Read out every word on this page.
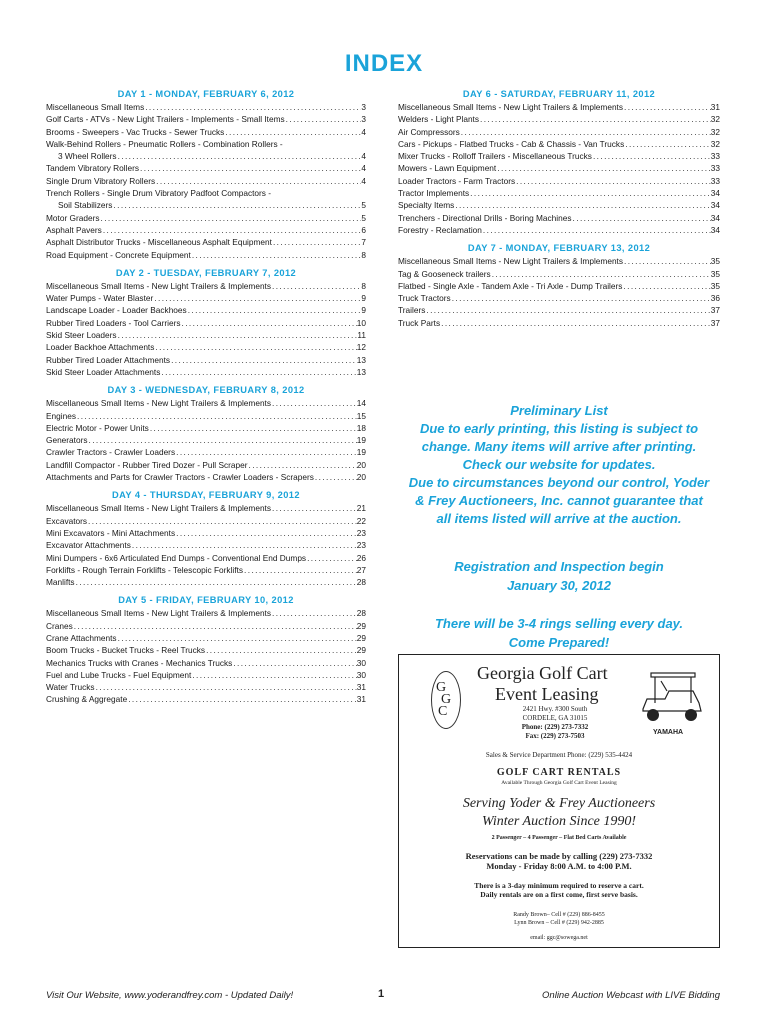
INDEX
DAY 1 - MONDAY, FEBRUARY 6, 2012
Miscellaneous Small Items .....	3
Golf Carts - ATVs - New Light Trailers - Implements - Small Items .....	3
Brooms - Sweepers - Vac Trucks - Sewer Trucks .....	4
Walk-Behind Rollers - Pneumatic Rollers - Combination Rollers -
3 Wheel Rollers .....	4
Tandem Vibratory Rollers .....	4
Single Drum Vibratory Rollers .....	4
Trench Rollers - Single Drum Vibratory Padfoot Compactors -
Soil Stabilizers .....	5
Motor Graders .....	5
Asphalt Pavers .....	6
Asphalt Distributor Trucks - Miscellaneous Asphalt Equipment .....	7
Road Equipment - Concrete Equipment .....	8
DAY 2 - TUESDAY, FEBRUARY 7, 2012
Miscellaneous Small Items - New Light Trailers & Implements .....	8
Water Pumps - Water Blaster .....	9
Landscape Loader - Loader Backhoes .....	9
Rubber Tired Loaders - Tool Carriers .....	10
Skid Steer Loaders .....	11
Loader Backhoe Attachments .....	12
Rubber Tired Loader Attachments .....	13
Skid Steer Loader Attachments .....	13
DAY 3 - WEDNESDAY, FEBRUARY 8, 2012
Miscellaneous Small Items - New Light Trailers & Implements .....	14
Engines .....	15
Electric Motor - Power Units .....	18
Generators .....	19
Crawler Tractors - Crawler Loaders .....	19
Landfill Compactor - Rubber Tired Dozer - Pull Scraper .....	20
Attachments and Parts for Crawler Tractors - Crawler Loaders - Scrapers .....	20
DAY 4 - THURSDAY, FEBRUARY 9, 2012
Miscellaneous Small Items - New Light Trailers & Implements .....	21
Excavators .....	22
Mini Excavators - Mini Attachments .....	23
Excavator Attachments .....	23
Mini Dumpers - 6x6 Articulated End Dumps - Conventional End Dumps .....	26
Forklifts - Rough Terrain Forklifts - Telescopic Forklifts .....	27
Manlifts .....	28
DAY 5 - FRIDAY, FEBRUARY 10, 2012
Miscellaneous Small Items - New Light Trailers & Implements .....	28
Cranes .....	29
Crane Attachments .....	29
Boom Trucks - Bucket Trucks - Reel Trucks .....	29
Mechanics Trucks with Cranes - Mechanics Trucks .....	30
Fuel and Lube Trucks - Fuel Equipment .....	30
Water Trucks .....	31
Crushing & Aggregate .....	31
DAY 6 - SATURDAY, FEBRUARY 11, 2012
Miscellaneous Small Items - New Light Trailers & Implements .....	31
Welders - Light Plants .....	32
Air Compressors .....	32
Cars - Pickups - Flatbed Trucks - Cab & Chassis - Van Trucks .....	32
Mixer Trucks - Rolloff Trailers - Miscellaneous Trucks .....	33
Mowers - Lawn Equipment .....	33
Loader Tractors - Farm Tractors .....	33
Tractor Implements .....	34
Specialty Items .....	34
Trenchers - Directional Drills - Boring Machines .....	34
Forestry - Reclamation .....	34
DAY 7 - MONDAY, FEBRUARY 13, 2012
Miscellaneous Small Items - New Light Trailers & Implements .....	35
Tag & Gooseneck trailers .....	35
Flatbed - Single Axle - Tandem Axle - Tri Axle - Dump Trailers .....	35
Truck Tractors .....	36
Trailers .....	37
Truck Parts .....	37
Preliminary List
Due to early printing, this listing is subject to
change. Many items will arrive after printing.
Check our website for updates.
Due to circumstances beyond our control, Yoder
& Frey Auctioneers, Inc. cannot guarantee that
all items listed will arrive at the auction.
Registration and Inspection begin
January 30, 2012
There will be 3-4 rings selling every day.
Come Prepared!
G
G
C
Georgia Golf Cart
Event Leasing
2421 Hwy. #300 South
CORDELE, GA 31015
Phone: (229) 273-7332
Fax: (229) 273-7503	YAMAHA
Sales & Service Department Phone: (229) 535-4424
GOLF CART RENTALS
Available Through Georgia Golf Cart Event Leasing
Serving Yoder & Frey Auctioneers
Winter Auction Since 1990!
2 Passenger – 4 Passenger – Flat Bed Carts Available
Reservations can be made by calling (229) 273-7332
Monday - Friday 8:00 A.M. to 4:00 P.M.
There is a 3-day minimum required to reserve a cart.
Daily rentals are on a first come, first serve basis.
Randy Brown– Cell # (229) 886-8455
Lynn Brown – Cell # (229) 942-2885
email: ggc@sowega.net
Visit Our Website, www.yoderandfrey.com - Updated Daily!	1	Online Auction Webcast with LIVE Bidding
